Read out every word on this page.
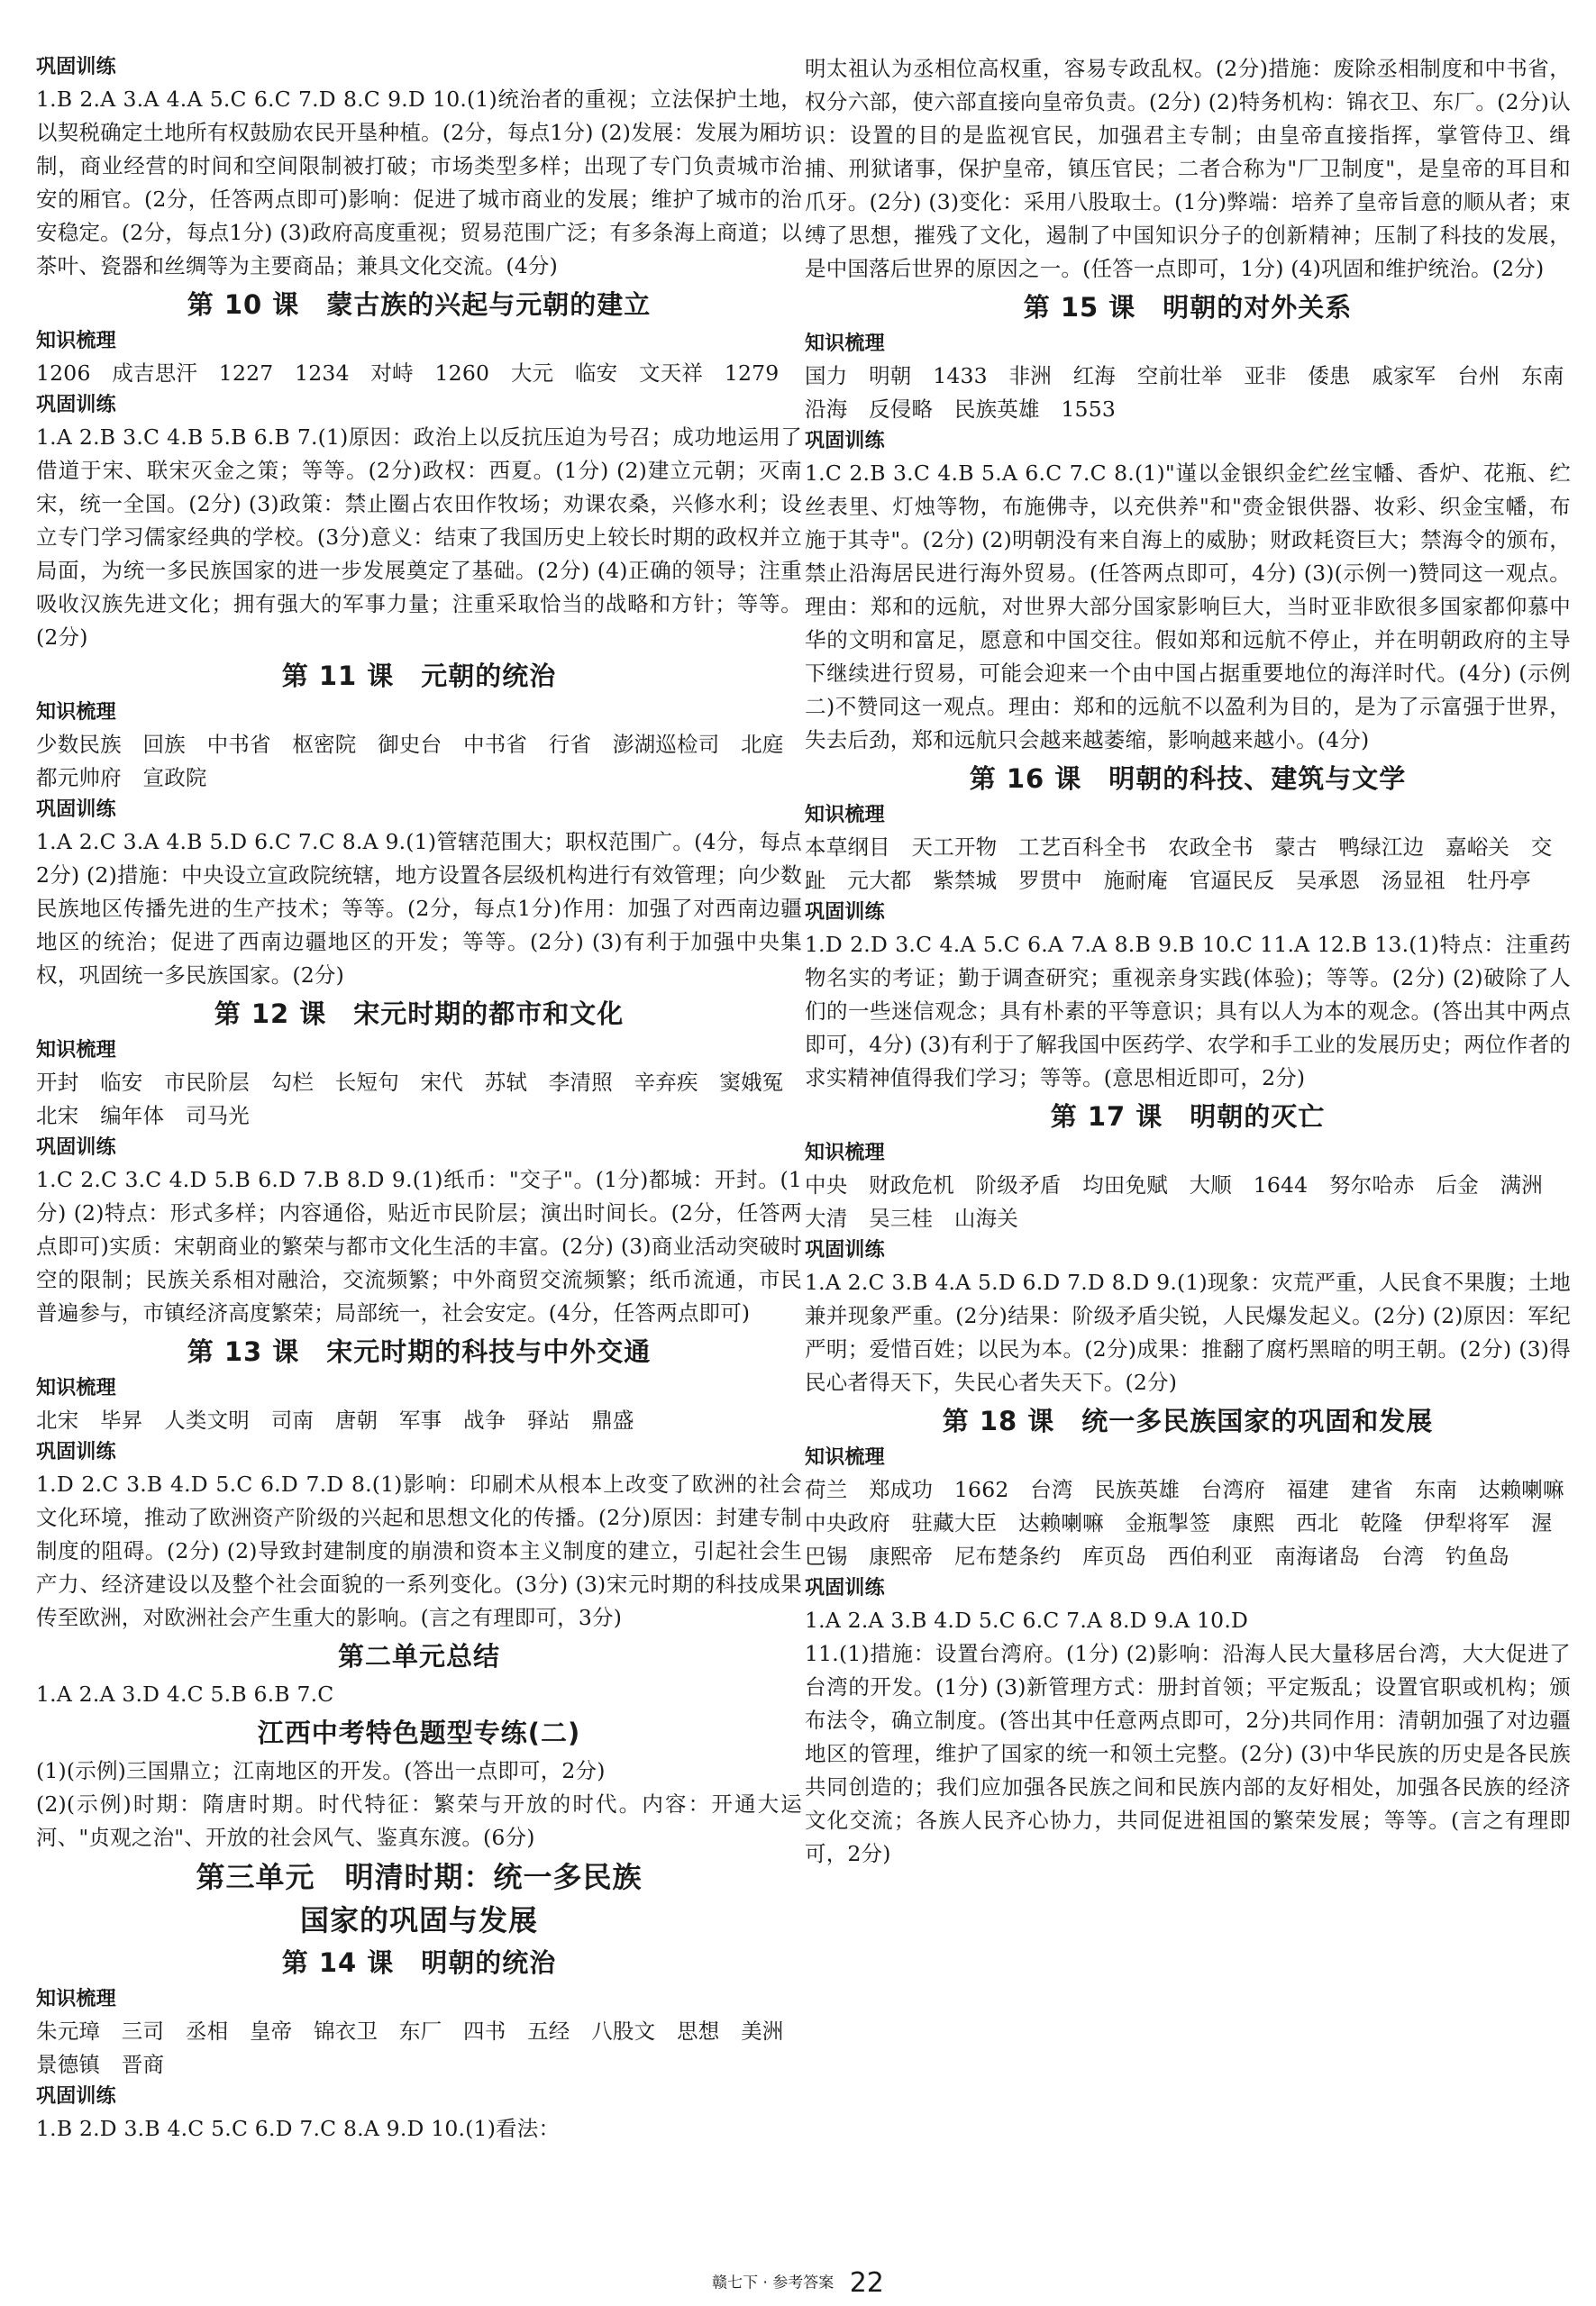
巩固训练
1.B 2.A 3.A 4.A 5.C 6.C 7.D 8.C 9.D 10.(1)统治者的重视；立法保护土地，以契税确定土地所有权鼓励农民开垦种植。(2分，每点1分) (2)发展：发展为厢坊制，商业经营的时间和空间限制被打破；市场类型多样；出现了专门负责城市治安的厢官。(2分，任答两点即可)影响：促进了城市商业的发展；维护了城市的治安稳定。(2分，每点1分) (3)政府高度重视；贸易范围广泛；有多条海上商道；以茶叶、瓷器和丝绸等为主要商品；兼具文化交流。(4分)
第 10 课　蒙古族的兴起与元朝的建立
知识梳理
1206　成吉思汗　1227　1234　对峙　1260　大元　临安　文天祥　1279
巩固训练
1.A 2.B 3.C 4.B 5.B 6.B 7.(1)原因：政治上以反抗压迫为号召；成功地运用了借道于宋、联宋灭金之策；等等。(2分)政权：西夏。(1分) (2)建立元朝；灭南宋，统一全国。(2分) (3)政策：禁止圈占农田作牧场；劝课农桑，兴修水利；设立专门学习儒家经典的学校。(3分)意义：结束了我国历史上较长时期的政权并立局面，为统一多民族国家的进一步发展奠定了基础。(2分) (4)正确的领导；注重吸收汉族先进文化；拥有强大的军事力量；注重采取恰当的战略和方针；等等。(2分)
第 11 课　元朝的统治
知识梳理
少数民族　回族　中书省　枢密院　御史台　中书省　行省　澎湖巡检司　北庭都元帅府　宣政院
巩固训练
1.A 2.C 3.A 4.B 5.D 6.C 7.C 8.A 9.(1)管辖范围大；职权范围广。(4分，每点2分) (2)措施：中央设立宣政院统辖，地方设置各层级机构进行有效管理；向少数民族地区传播先进的生产技术；等等。(2分，每点1分)作用：加强了对西南边疆地区的统治；促进了西南边疆地区的开发；等等。(2分) (3)有利于加强中央集权，巩固统一多民族国家。(2分)
第 12 课　宋元时期的都市和文化
知识梳理
开封　临安　市民阶层　勾栏　长短句　宋代　苏轼　李清照　辛弃疾　窦娥冤　北宋　编年体　司马光
巩固训练
1.C 2.C 3.C 4.D 5.B 6.D 7.B 8.D 9.(1)纸币："交子"。(1分)都城：开封。(1分) (2)特点：形式多样；内容通俗，贴近市民阶层；演出时间长。(2分，任答两点即可)实质：宋朝商业的繁荣与都市文化生活的丰富。(2分) (3)商业活动突破时空的限制；民族关系相对融洽，交流频繁；中外商贸交流频繁；纸币流通，市民普遍参与，市镇经济高度繁荣；局部统一，社会安定。(4分，任答两点即可)
第 13 课　宋元时期的科技与中外交通
知识梳理
北宋　毕昇　人类文明　司南　唐朝　军事　战争　驿站　鼎盛
巩固训练
1.D 2.C 3.B 4.D 5.C 6.D 7.D 8.(1)影响：印刷术从根本上改变了欧洲的社会文化环境，推动了欧洲资产阶级的兴起和思想文化的传播。(2分)原因：封建专制制度的阻碍。(2分) (2)导致封建制度的崩溃和资本主义制度的建立，引起社会生产力、经济建设以及整个社会面貌的一系列变化。(3分) (3)宋元时期的科技成果传至欧洲，对欧洲社会产生重大的影响。(言之有理即可，3分)
第二单元总结
1.A 2.A 3.D 4.C 5.B 6.B 7.C
江西中考特色题型专练(二)
(1)(示例)三国鼎立；江南地区的开发。(答出一点即可，2分)
(2)(示例)时期：隋唐时期。时代特征：繁荣与开放的时代。内容：开通大运河、"贞观之治"、开放的社会风气、鉴真东渡。(6分)
第三单元　明清时期：统一多民族
国家的巩固与发展
第 14 课　明朝的统治
知识梳理
朱元璋　三司　丞相　皇帝　锦衣卫　东厂　四书　五经　八股文　思想　美洲　景德镇　晋商
巩固训练
1.B 2.D 3.B 4.C 5.C 6.D 7.C 8.A 9.D 10.(1)看法：
明太祖认为丞相位高权重，容易专政乱权。(2分)措施：废除丞相制度和中书省，权分六部，使六部直接向皇帝负责。(2分) (2)特务机构：锦衣卫、东厂。(2分)认识：设置的目的是监视官民，加强君主专制；由皇帝直接指挥，掌管侍卫、缉捕、刑狱诸事，保护皇帝，镇压官民；二者合称为"厂卫制度"，是皇帝的耳目和爪牙。(2分) (3)变化：采用八股取士。(1分)弊端：培养了皇帝旨意的顺从者；束缚了思想，摧残了文化，遏制了中国知识分子的创新精神；压制了科技的发展，是中国落后世界的原因之一。(任答一点即可，1分) (4)巩固和维护统治。(2分)
第 15 课　明朝的对外关系
知识梳理
国力　明朝　1433　非洲　红海　空前壮举　亚非　倭患　戚家军　台州　东南沿海　反侵略　民族英雄　1553
巩固训练
1.C 2.B 3.C 4.B 5.A 6.C 7.C 8.(1)"谨以金银织金纻丝宝幡、香炉、花瓶、纻丝表里、灯烛等物，布施佛寺，以充供养"和"赍金银供器、妆彩、织金宝幡，布施于其寺"。(2分) (2)明朝没有来自海上的威胁；财政耗资巨大；禁海令的颁布，禁止沿海居民进行海外贸易。(任答两点即可，4分) (3)(示例一)赞同这一观点。理由：郑和的远航，对世界大部分国家影响巨大，当时亚非欧很多国家都仰慕中华的文明和富足，愿意和中国交往。假如郑和远航不停止，并在明朝政府的主导下继续进行贸易，可能会迎来一个由中国占据重要地位的海洋时代。(4分) (示例二)不赞同这一观点。理由：郑和的远航不以盈利为目的，是为了示富强于世界，失去后劲，郑和远航只会越来越萎缩，影响越来越小。(4分)
第 16 课　明朝的科技、建筑与文学
知识梳理
本草纲目　天工开物　工艺百科全书　农政全书　蒙古　鸭绿江边　嘉峪关　交趾　元大都　紫禁城　罗贯中　施耐庵　官逼民反　吴承恩　汤显祖　牡丹亭
巩固训练
1.D 2.D 3.C 4.A 5.C 6.A 7.A 8.B 9.B 10.C 11.A 12.B 13.(1)特点：注重药物名实的考证；勤于调查研究；重视亲身实践(体验)；等等。(2分) (2)破除了人们的一些迷信观念；具有朴素的平等意识；具有以人为本的观念。(答出其中两点即可，4分) (3)有利于了解我国中医药学、农学和手工业的发展历史；两位作者的求实精神值得我们学习；等等。(意思相近即可，2分)
第 17 课　明朝的灭亡
知识梳理
中央　财政危机　阶级矛盾　均田免赋　大顺　1644　努尔哈赤　后金　满洲　大清　吴三桂　山海关
巩固训练
1.A 2.C 3.B 4.A 5.D 6.D 7.D 8.D 9.(1)现象：灾荒严重，人民食不果腹；土地兼并现象严重。(2分)结果：阶级矛盾尖锐，人民爆发起义。(2分) (2)原因：军纪严明；爱惜百姓；以民为本。(2分)成果：推翻了腐朽黑暗的明王朝。(2分) (3)得民心者得天下，失民心者失天下。(2分)
第 18 课　统一多民族国家的巩固和发展
知识梳理
荷兰　郑成功　1662　台湾　民族英雄　台湾府　福建　建省　东南　达赖喇嘛　中央政府　驻藏大臣　达赖喇嘛　金瓶掣签　康熙　西北　乾隆　伊犁将军　渥巴锡　康熙帝　尼布楚条约　库页岛　西伯利亚　南海诸岛　台湾　钓鱼岛
巩固训练
1.A 2.A 3.B 4.D 5.C 6.C 7.A 8.D 9.A 10.D
11.(1)措施：设置台湾府。(1分) (2)影响：沿海人民大量移居台湾，大大促进了台湾的开发。(1分) (3)新管理方式：册封首领；平定叛乱；设置官职或机构；颁布法令，确立制度。(答出其中任意两点即可，2分)共同作用：清朝加强了对边疆地区的管理，维护了国家的统一和领土完整。(2分) (3)中华民族的历史是各民族共同创造的；我们应加强各民族之间和民族内部的友好相处，加强各民族的经济文化交流；各族人民齐心协力，共同促进祖国的繁荣发展；等等。(言之有理即可，2分)
赣七下 · 参考答案 22
